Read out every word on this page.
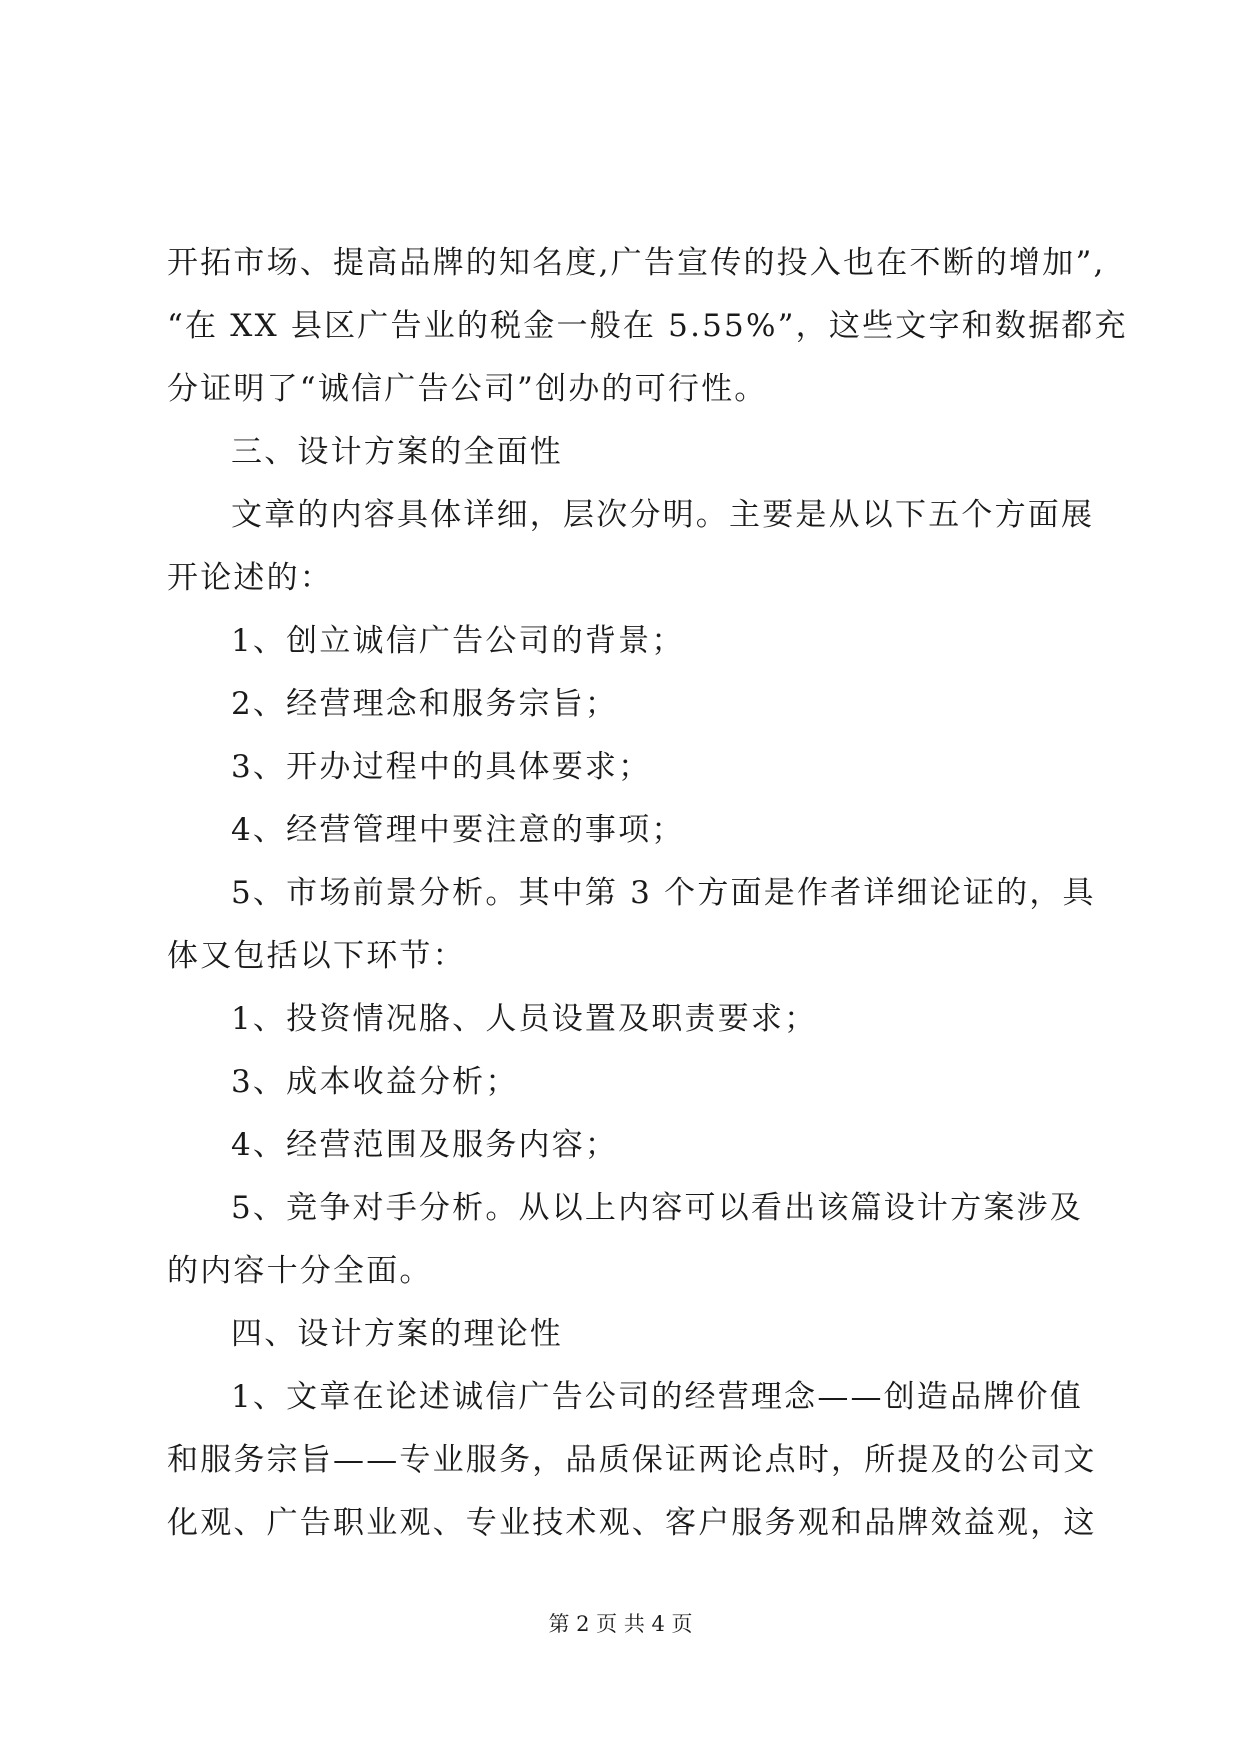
开拓市场、提高品牌的知名度,广告宣传的投入也在不断的增加”,
“在 XX 县区广告业的税金一般在 5.55%”，这些文字和数据都充
分证明了“诚信广告公司”创办的可行性。
三、设计方案的全面性
文章的内容具体详细，层次分明。主要是从以下五个方面展
开论述的：
1、创立诚信广告公司的背景；
2、经营理念和服务宗旨；
3、开办过程中的具体要求；
4、经营管理中要注意的事项；
5、市场前景分析。其中第 3 个方面是作者详细论证的，具
体又包括以下环节：
1、投资情况胳、人员设置及职责要求；
3、成本收益分析；
4、经营范围及服务内容；
5、竞争对手分析。从以上内容可以看出该篇设计方案涉及
的内容十分全面。
四、设计方案的理论性
1、文章在论述诚信广告公司的经营理念——创造品牌价值
和服务宗旨——专业服务，品质保证两论点时，所提及的公司文
化观、广告职业观、专业技术观、客户服务观和品牌效益观，这
第 2 页 共 4 页
